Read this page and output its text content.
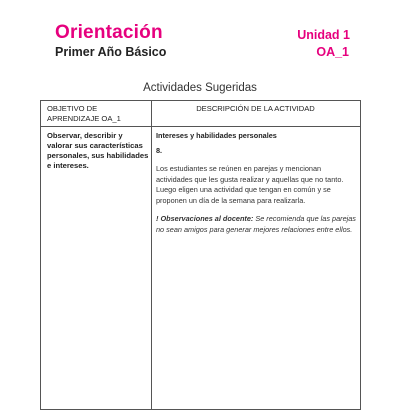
Orientación
Primer Año Básico
Unidad 1
OA_1
Actividades Sugeridas
OBJETIVO DE APRENDIZAJE OA_1
DESCRIPCIÓN DE LA ACTIVIDAD
Observar, describir y valorar sus características personales, sus habilidades e intereses.
Intereses y habilidades personales
8.
Los estudiantes se reúnen en parejas y mencionan actividades que les gusta realizar y aquellas que no tanto. Luego eligen una actividad que tengan en común y se proponen un día de la semana para realizarla.
! Observaciones al docente: Se recomienda que las parejas no sean amigos para generar mejores relaciones entre ellos.
